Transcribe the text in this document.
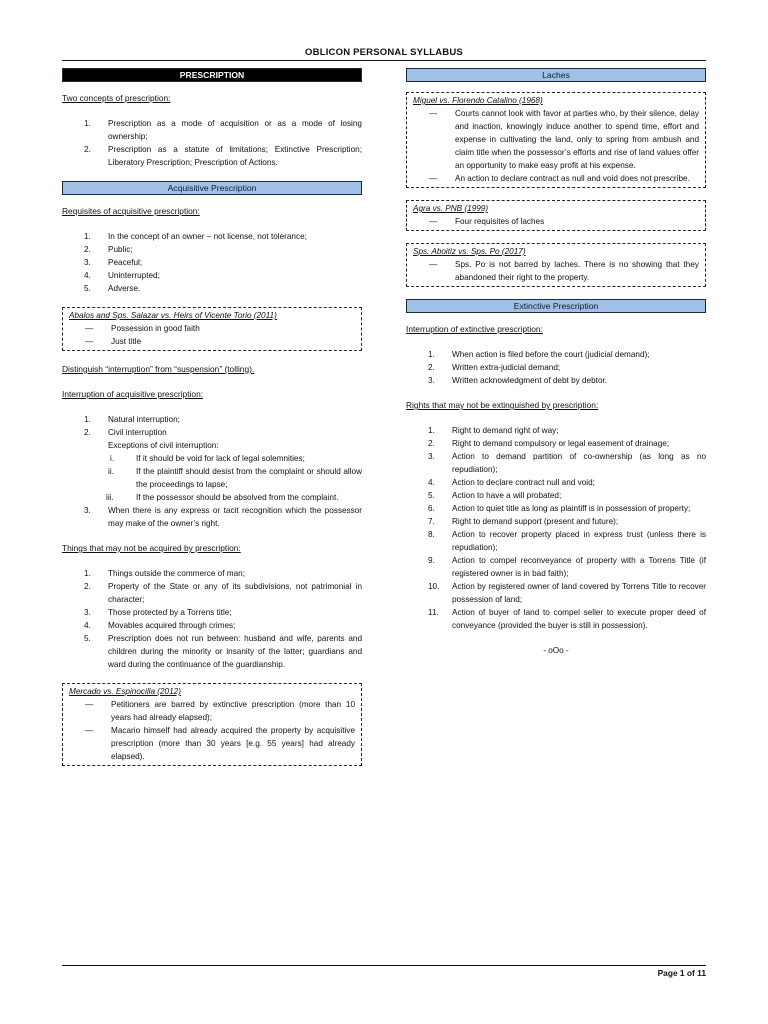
OBLICON PERSONAL SYLLABUS
PRESCRIPTION
Two concepts of prescription:
1. Prescription as a mode of acquisition or as a mode of losing ownership;
2. Prescription as a statute of limitations; Extinctive Prescription; Liberatory Prescription; Prescription of Actions.
Acquisitive Prescription
Requisites of acquisitive prescription:
1. In the concept of an owner – not license, not tolerance;
2. Public;
3. Peaceful;
4. Uninterrupted;
5. Adverse.
Abalos and Sps. Salazar vs. Heirs of Vicente Torio (2011)
— Possession in good faith
— Just title
Distinguish “interruption” from “suspension” (tolling).
Interruption of acquisitive prescription:
1. Natural interruption;
2. Civil interruption
Exceptions of civil interruption:
i.	If it should be void for lack of legal solemnities;
ii.	If the plaintiff should desist from the complaint or should allow the proceedings to lapse;
iii.	If the possessor should be absolved from the complaint.
3. When there is any express or tacit recognition which the possessor may make of the owner’s right.
Things that may not be acquired by prescription:
1. Things outside the commerce of man;
2. Property of the State or any of its subdivisions, not patrimonial in character;
3. Those protected by a Torrens title;
4. Movables acquired through crimes;
5. Prescription does not run between: husband and wife, parents and children during the minority or insanity of the latter; guardians and ward during the continuance of the guardianship.
Mercado vs. Espinocilla (2012)
— Petitioners are barred by extinctive prescription (more than 10 years had already elapsed);
— Macario himself had already acquired the property by acquisitive prescription (more than 30 years [e.g. 55 years] had already elapsed).
Laches
Miguel vs. Florendo Catalino (1968)
— Courts cannot look with favor at parties who, by their silence, delay and inaction, knowingly induce another to spend time, effort and expense in cultivating the land, only to spring from ambush and claim title when the possessor’s efforts and rise of land values offer an opportunity to make easy profit at his expense.
— An action to declare contract as null and void does not prescribe.
Agra vs. PNB (1999)
— Four requisites of laches
Sps. Aboitiz vs. Sps. Po (2017)
— Sps. Po is not barred by laches. There is no showing that they abandoned their right to the property.
Extinctive Prescription
Interruption of extinctive prescription:
1. When action is filed before the court (judicial demand);
2. Written extra-judicial demand;
3. Written acknowledgment of debt by debtor.
Rights that may not be extinguished by prescription:
1. Right to demand right of way;
2. Right to demand compulsory or legal easement of drainage;
3. Action to demand partition of co-ownership (as long as no repudiation);
4. Action to declare contract null and void;
5. Action to have a will probated;
6. Action to quiet title as long as plaintiff is in possession of property;
7. Right to demand support (present and future);
8. Action to recover property placed in express trust (unless there is repudiation);
9. Action to compel reconveyance of property with a Torrens Title (if registered owner is in bad faith);
10. Action by registered owner of land covered by Torrens Title to recover possession of land;
11. Action of buyer of land to compel seller to execute proper deed of conveyance (provided the buyer is still in possession).
- oOo -
Page 1 of 11
